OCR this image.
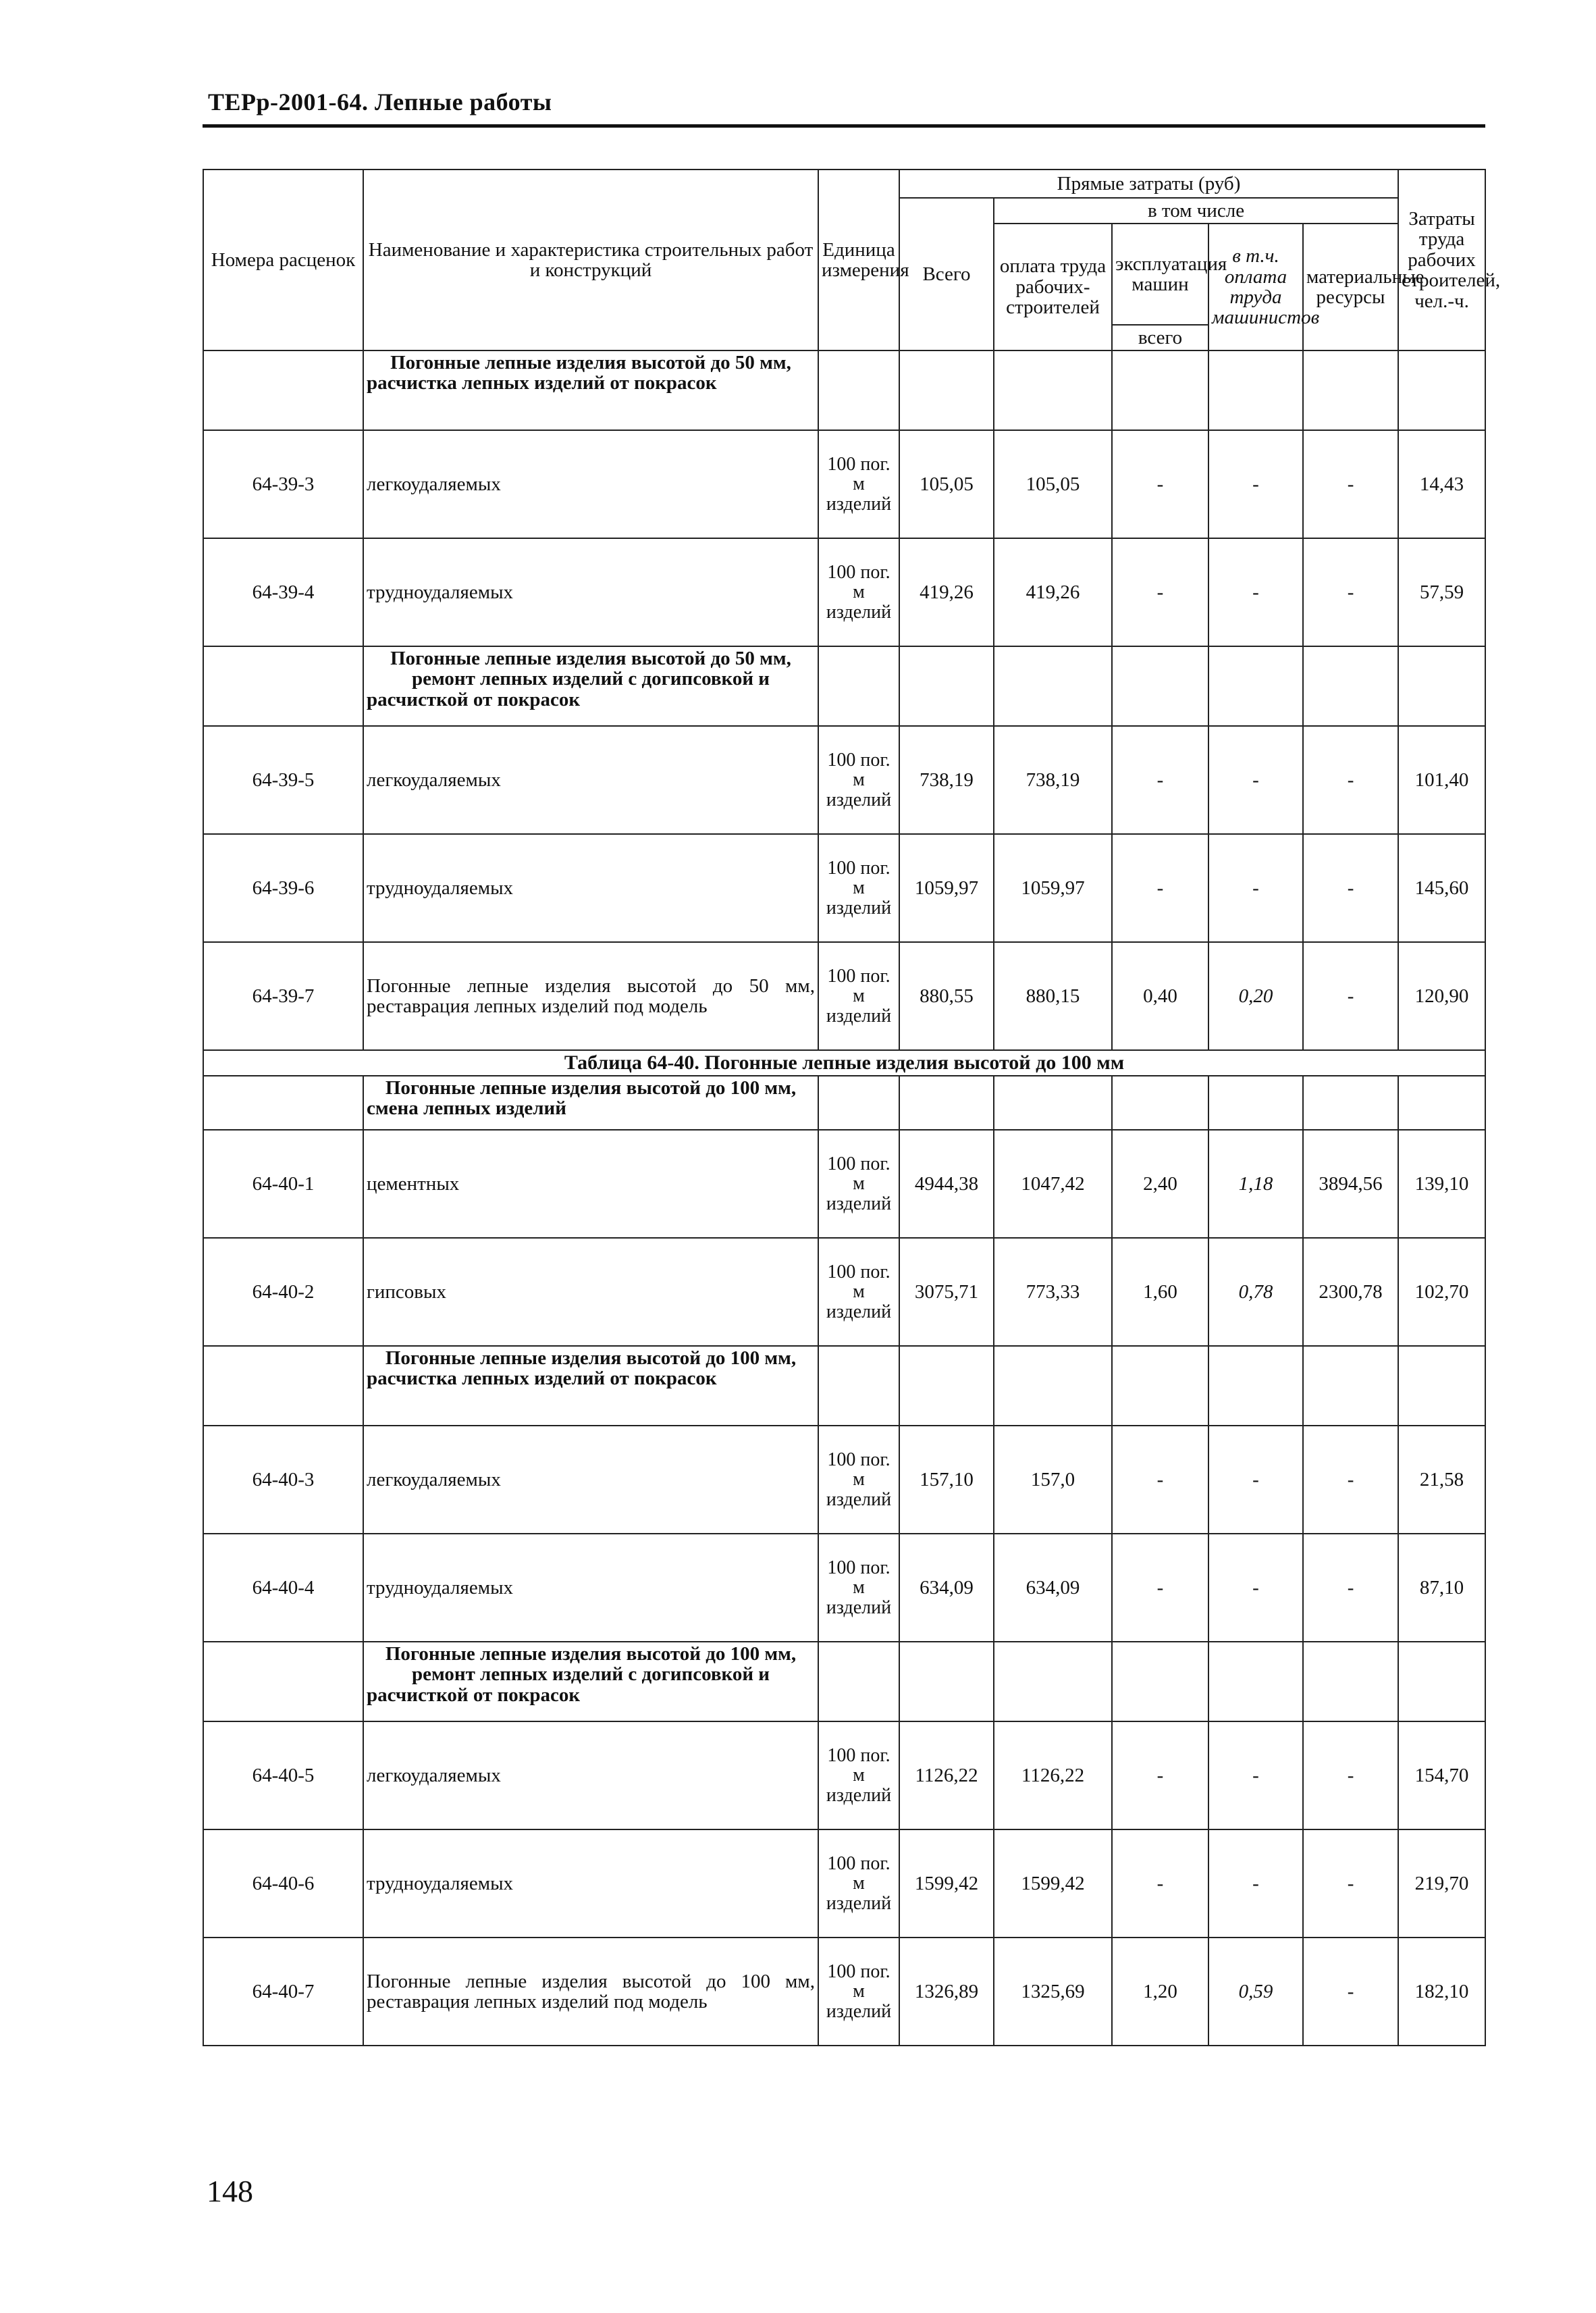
ТЕРр-2001-64. Лепные работы
Номера расценок	Наименование и характеристика строительных работ и конструкций	Единица измерения	Прямые затраты (руб)					Затраты труда рабочих строителей, чел.-ч.
			Всего	в том числе				
				оплата труда рабочих-строителей	эксплуатация машин	в т.ч. оплата труда машинистов	материальные ресурсы	
					всего			
	Погонные лепные изделия высотой до 50 мм, расчистка лепных изделий от покрасок							
64-39-3	легкоудаляемых	100 пог. м изделий	105,05	105,05	-	-	-	14,43
64-39-4	трудноудаляемых	100 пог. м изделий	419,26	419,26	-	-	-	57,59
	Погонные лепные изделия высотой до 50 мм, ремонт лепных изделий с догипсовкой и расчисткой от покрасок							
64-39-5	легкоудаляемых	100 пог. м изделий	738,19	738,19	-	-	-	101,40
64-39-6	трудноудаляемых	100 пог. м изделий	1059,97	1059,97	-	-	-	145,60
64-39-7	Погонные лепные изделия высотой до 50 мм, реставрация лепных изделий под модель	100 пог. м изделий	880,55	880,15	0,40	0,20	-	120,90
Таблица 64-40. Погонные лепные изделия высотой до 100 мм								
	Погонные лепные изделия высотой до 100 мм, смена лепных изделий							
64-40-1	цементных	100 пог. м изделий	4944,38	1047,42	2,40	1,18	3894,56	139,10
64-40-2	гипсовых	100 пог. м изделий	3075,71	773,33	1,60	0,78	2300,78	102,70
	Погонные лепные изделия высотой до 100 мм, расчистка лепных изделий от покрасок							
64-40-3	легкоудаляемых	100 пог. м изделий	157,10	157,0	-	-	-	21,58
64-40-4	трудноудаляемых	100 пог. м изделий	634,09	634,09	-	-	-	87,10
	Погонные лепные изделия высотой до 100 мм, ремонт лепных изделий с догипсовкой и расчисткой от покрасок							
64-40-5	легкоудаляемых	100 пог. м изделий	1126,22	1126,22	-	-	-	154,70
64-40-6	трудноудаляемых	100 пог. м изделий	1599,42	1599,42	-	-	-	219,70
64-40-7	Погонные лепные изделия высотой до 100 мм, реставрация лепных изделий под модель	100 пог. м изделий	1326,89	1325,69	1,20	0,59	-	182,10
148
